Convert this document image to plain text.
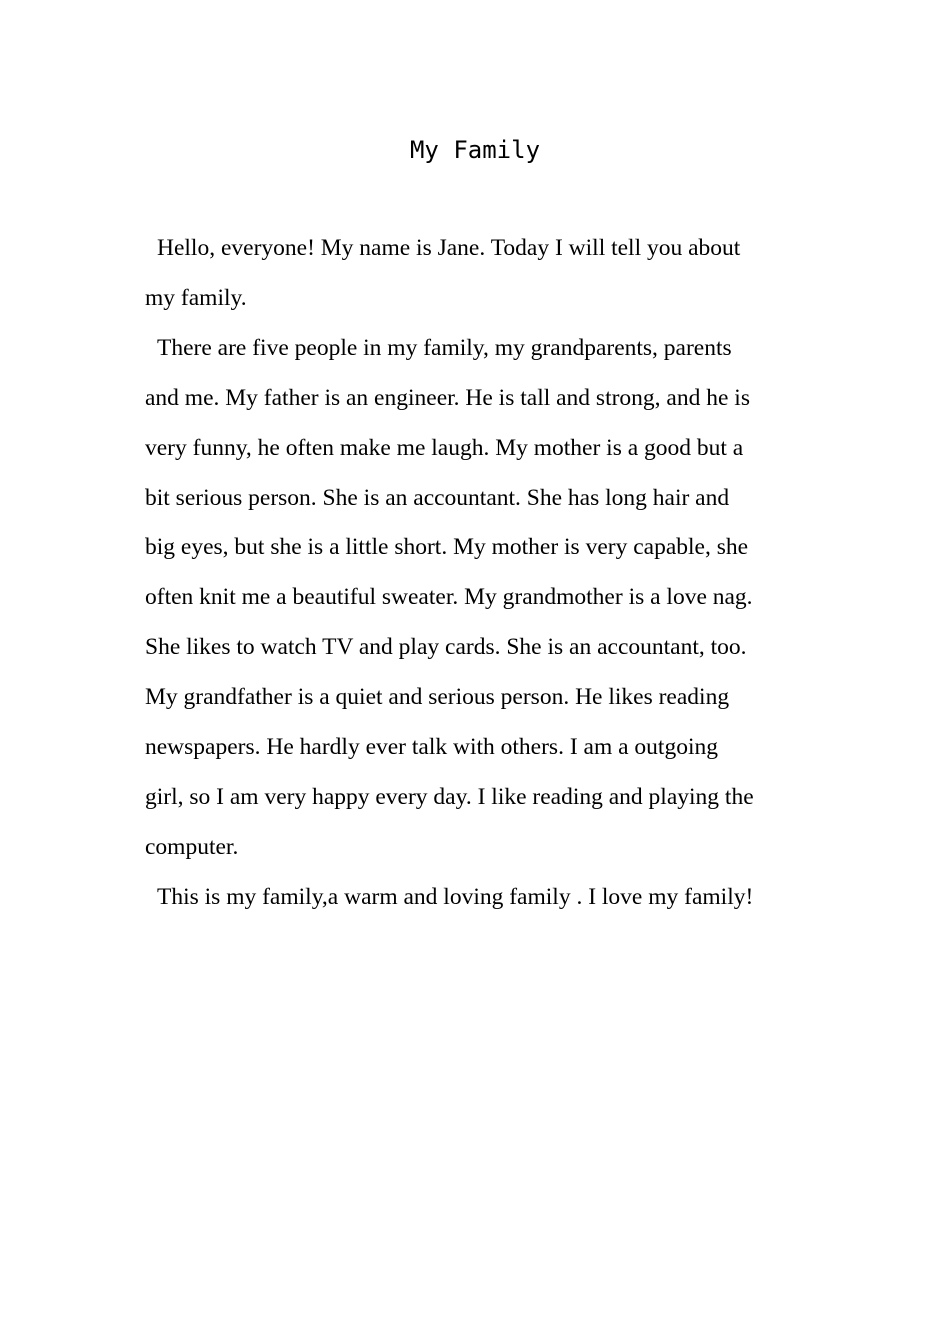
My Family
Hello, everyone! My name is Jane. Today I will tell you about
my family.
There are five people in my family, my grandparents, parents
and me. My father is an engineer. He is tall and strong, and he is
very funny, he often make me laugh. My mother is a good but a
bit serious person. She is an accountant. She has long hair and
big eyes, but she is a little short. My mother is very capable, she
often knit me a beautiful sweater. My grandmother is a love nag.
She likes to watch TV and play cards. She is an accountant, too.
My grandfather is a quiet and serious person. He likes reading
newspapers. He hardly ever talk with others. I am a outgoing
girl, so I am very happy every day. I like reading and playing the
computer.
This is my family,a warm and loving family . I love my family!
